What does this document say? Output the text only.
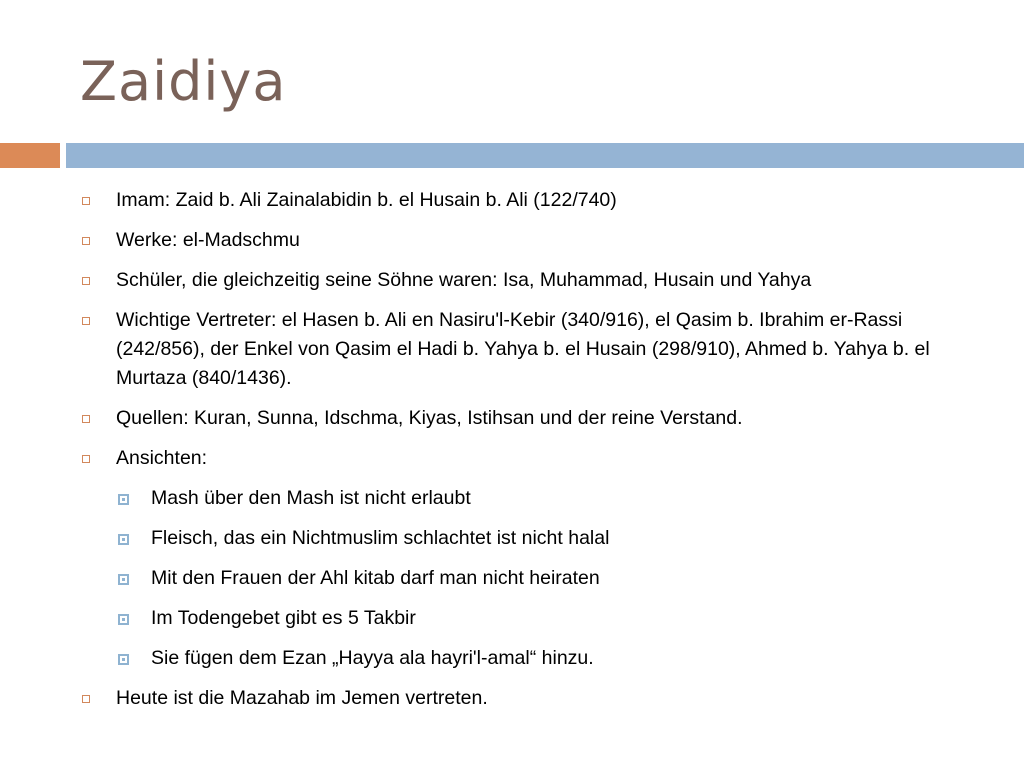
Zaidiya
Imam: Zaid b. Ali Zainalabidin b. el Husain b. Ali (122/740)
Werke: el-Madschmu
Schüler, die gleichzeitig seine Söhne waren: Isa, Muhammad, Husain und Yahya
Wichtige Vertreter: el Hasen b. Ali en Nasiru'l-Kebir (340/916), el Qasim b. Ibrahim er-Rassi (242/856), der Enkel von Qasim el Hadi b. Yahya b. el Husain (298/910), Ahmed b. Yahya b. el Murtaza (840/1436).
Quellen: Kuran, Sunna, Idschma, Kiyas, Istihsan und der reine Verstand.
Ansichten:
Mash über den Mash ist nicht erlaubt
Fleisch, das ein Nichtmuslim schlachtet ist nicht halal
Mit den Frauen der Ahl kitab darf man nicht heiraten
Im Todengebet gibt es 5 Takbir
Sie fügen dem Ezan „Hayya ala hayri'l-amal“ hinzu.
Heute ist die Mazahab im Jemen vertreten.
